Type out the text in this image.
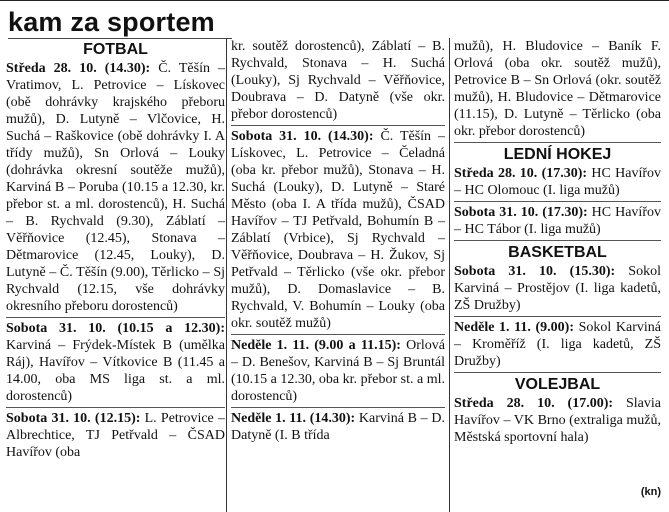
kam za sportem
FOTBAL

Středa 28. 10. (14.30): Č. Těšín – Vratimov, L. Petrovice – Lískovec (obě dohrávky krajského přeboru mužů), D. Lutyně – Vlčovice, H. Suchá – Raškovice (obě dohrávky I. A třídy mužů), Sn Orlová – Louky (dohrávka okresní soutěže mužů), Karviná B – Poruba (10.15 a 12.30, kr. přebor st. a ml. dorostenců), H. Suchá – B. Rychvald (9.30), Záblatí – Věřňovice (12.45), Stonava – Dětmarovice (12.45, Louky), D. Lutyně – Č. Těšín (9.00), Těrlicko – Sj Rychvald (12.15, vše dohrávky okresního přeboru dorostenců)

Sobota 31. 10. (10.15 a 12.30): Karviná – Frýdek-Místek B (umělka Ráj), Havířov – Vítkovice B (11.45 a 14.00, oba MS liga st. a ml. dorostenců)

Sobota 31. 10. (12.15): L. Petrovice – Albrechtice, TJ Petřvald – ČSAD Havířov (oba

kr. soutěž dorostenců), Záblatí – B. Rychvald, Stonava – H. Suchá (Louky), Sj Rychvald – Věřňovice, Doubrava – D. Datyně (vše okr. přebor dorostenců)

Sobota 31. 10. (14.30): Č. Těšín – Lískovec, L. Petrovice – Čeladná (oba kr. přebor mužů), Stonava – H. Suchá (Louky), D. Lutyně – Staré Město (oba I. A třída mužů), ČSAD Havířov – TJ Petřvald, Bohumín B – Záblatí (Vrbice), Sj Rychvald – Věřňovice, Doubrava – H. Žukov, Sj Petřvald – Těrlicko (vše okr. přebor mužů), D. Domaslavice – B. Rychvald, V. Bohumín – Louky (oba okr. soutěž mužů)

Neděle 1. 11. (9.00 a 11.15): Orlová – D. Benešov, Karviná B – Sj Bruntál (10.15 a 12.30, oba kr. přebor st. a ml. dorostenců)

Neděle 1. 11. (14.30): Karviná B – D. Datyně (I. B třída

mužů), H. Bludovice – Baník F. Orlová (oba okr. soutěž mužů), Petrovice B – Sn Orlová (okr. soutěž mužů), H. Bludovice – Dětmarovice (11.15), D. Lutyně – Těrlicko (oba okr. přebor dorostenců)

LEDNÍ HOKEJ

Středa 28. 10. (17.30): HC Havířov – HC Olomouc (I. liga mužů)

Sobota 31. 10. (17.30): HC Havířov – HC Tábor (I. liga mužů)

BASKETBAL

Sobota 31. 10. (15.30): Sokol Karviná – Prostějov (I. liga kadetů, ZŠ Družby)

Neděle 1. 11. (9.00): Sokol Karviná – Kroměříž (I. liga kadetů, ZŠ Družby)

VOLEJBAL

Středa 28. 10. (17.00): Slavia Havířov – VK Brno (extraliga mužů, Městská sportovní hala)

(kn)
